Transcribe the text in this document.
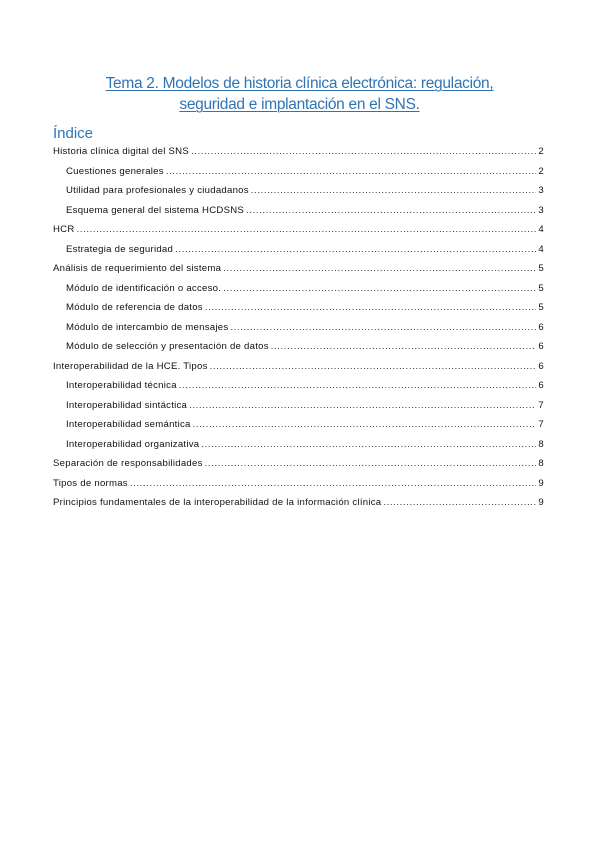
Tema 2. Modelos de historia clínica electrónica: regulación,
seguridad e implantación en el SNS.
Índice
Historia clínica digital del SNS .....	2
Cuestiones generales .....	2
Utilidad para profesionales y ciudadanos .....	3
Esquema general del sistema HCDSNS .....	3
HCR .....	4
Estrategia de seguridad .....	4
Análisis de requerimiento del sistema .....	5
Módulo de identificación o acceso. .....	5
Módulo de referencia de datos .....	5
Módulo de intercambio de mensajes .....	6
Módulo de selección y presentación de datos .....	6
Interoperabilidad de la HCE. Tipos .....	6
Interoperabilidad técnica .....	6
Interoperabilidad sintáctica .....	7
Interoperabilidad semántica .....	7
Interoperabilidad organizativa .....	8
Separación de responsabilidades .....	8
Tipos de normas .....	9
Principios fundamentales de la interoperabilidad de la información clínica .....	9
